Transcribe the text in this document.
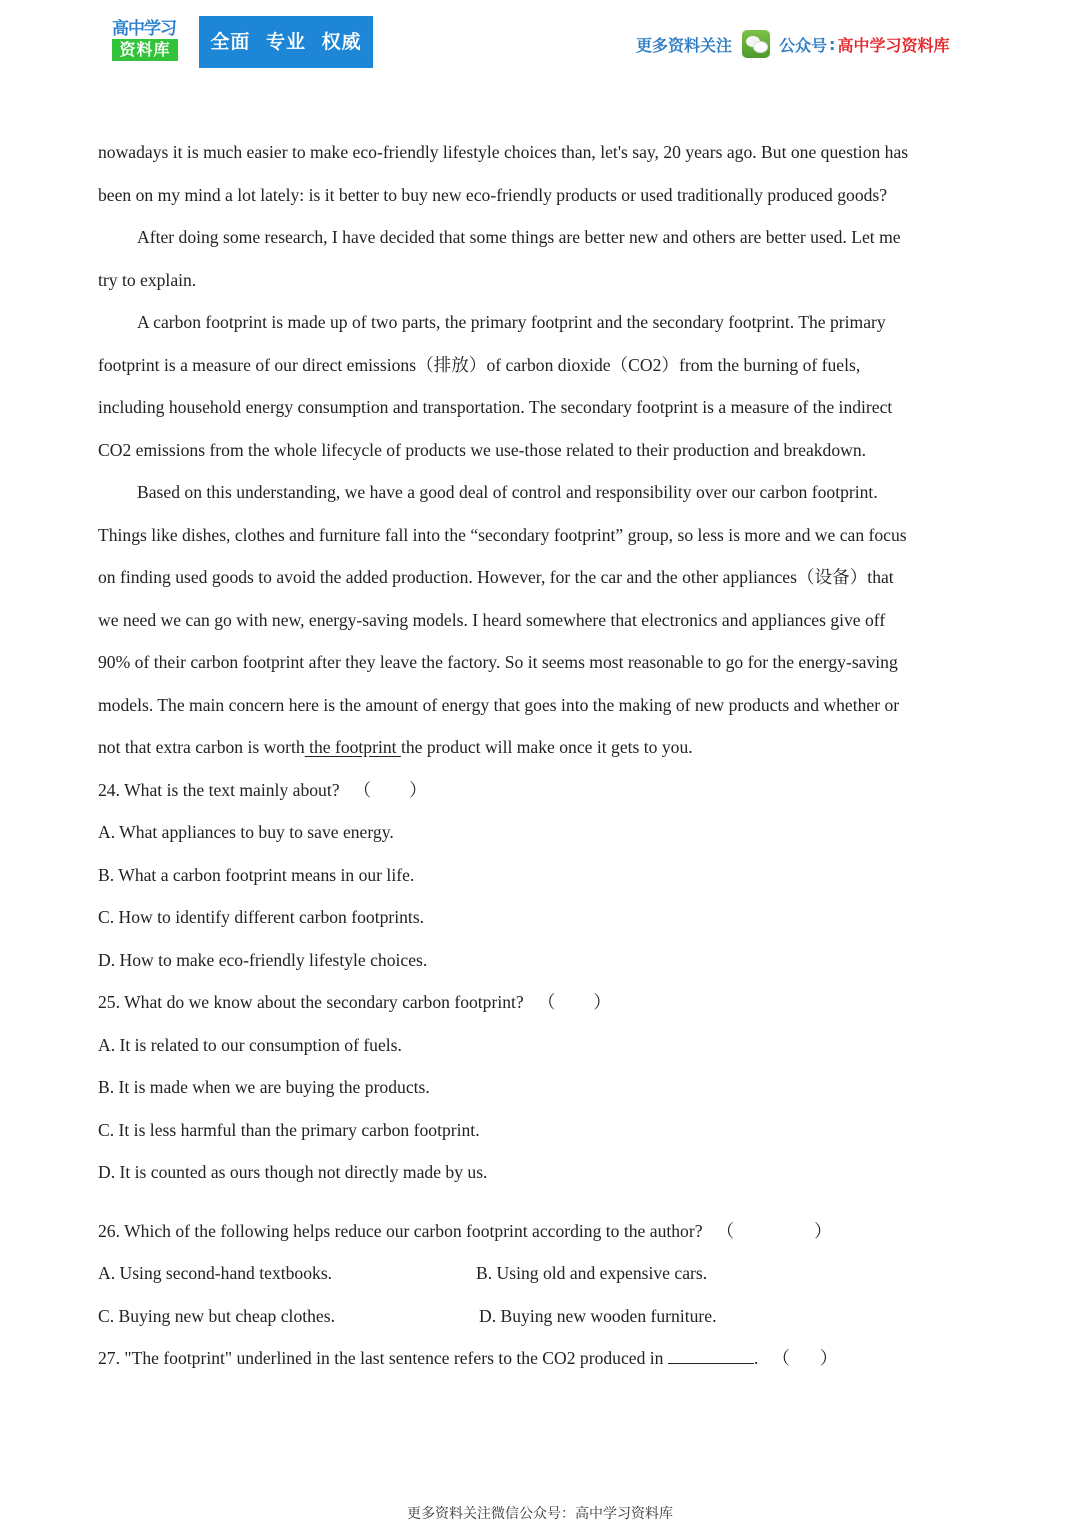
高中学习
资料库	全面 专业 权威	更多资料关注	公众号 : 高中学习资料库
nowadays it is much easier to make eco-friendly lifestyle choices than, let's say, 20 years ago. But one question has
been on my mind a lot lately: is it better to buy new eco-friendly products or used traditionally produced goods?
After doing some research, I have decided that some things are better new and others are better used. Let me
try to explain.
A carbon footprint is made up of two parts, the primary footprint and the secondary footprint. The primary
footprint is a measure of our direct emissions（排放）of carbon dioxide（CO2）from the burning of fuels,
including household energy consumption and transportation. The secondary footprint is a measure of the indirect
CO2 emissions from the whole lifecycle of products we use-those related to their production and breakdown.
Based on this understanding, we have a good deal of control and responsibility over our carbon footprint.
Things like dishes, clothes and furniture fall into the “secondary footprint” group, so less is more and we can focus
on finding used goods to avoid the added production. However, for the car and the other appliances（设备）that
we need we can go with new, energy-saving models. I heard somewhere that electronics and appliances give off
90% of their carbon footprint after they leave the factory. So it seems most reasonable to go for the energy-saving
models. The main concern here is the amount of energy that goes into the making of new products and whether or
not that extra carbon is worth the footprint the product will make once it gets to you.
24. What is the text mainly about? （ ）
A. What appliances to buy to save energy.
B. What a carbon footprint means in our life.
C. How to identify different carbon footprints.
D. How to make eco-friendly lifestyle choices.
25. What do we know about the secondary carbon footprint? （ ）
A. It is related to our consumption of fuels.
B. It is made when we are buying the products.
C. It is less harmful than the primary carbon footprint.
D. It is counted as ours though not directly made by us.
26. Which of the following helps reduce our carbon footprint according to the author? （	）
A. Using second-hand textbooks.	B. Using old and expensive cars.
C. Buying new but cheap clothes.	D. Buying new wooden furniture.
27. "The footprint" underlined in the last sentence refers to the CO2 produced in	. （ ）
更多资料关注微信公众号：高中学习资料库
